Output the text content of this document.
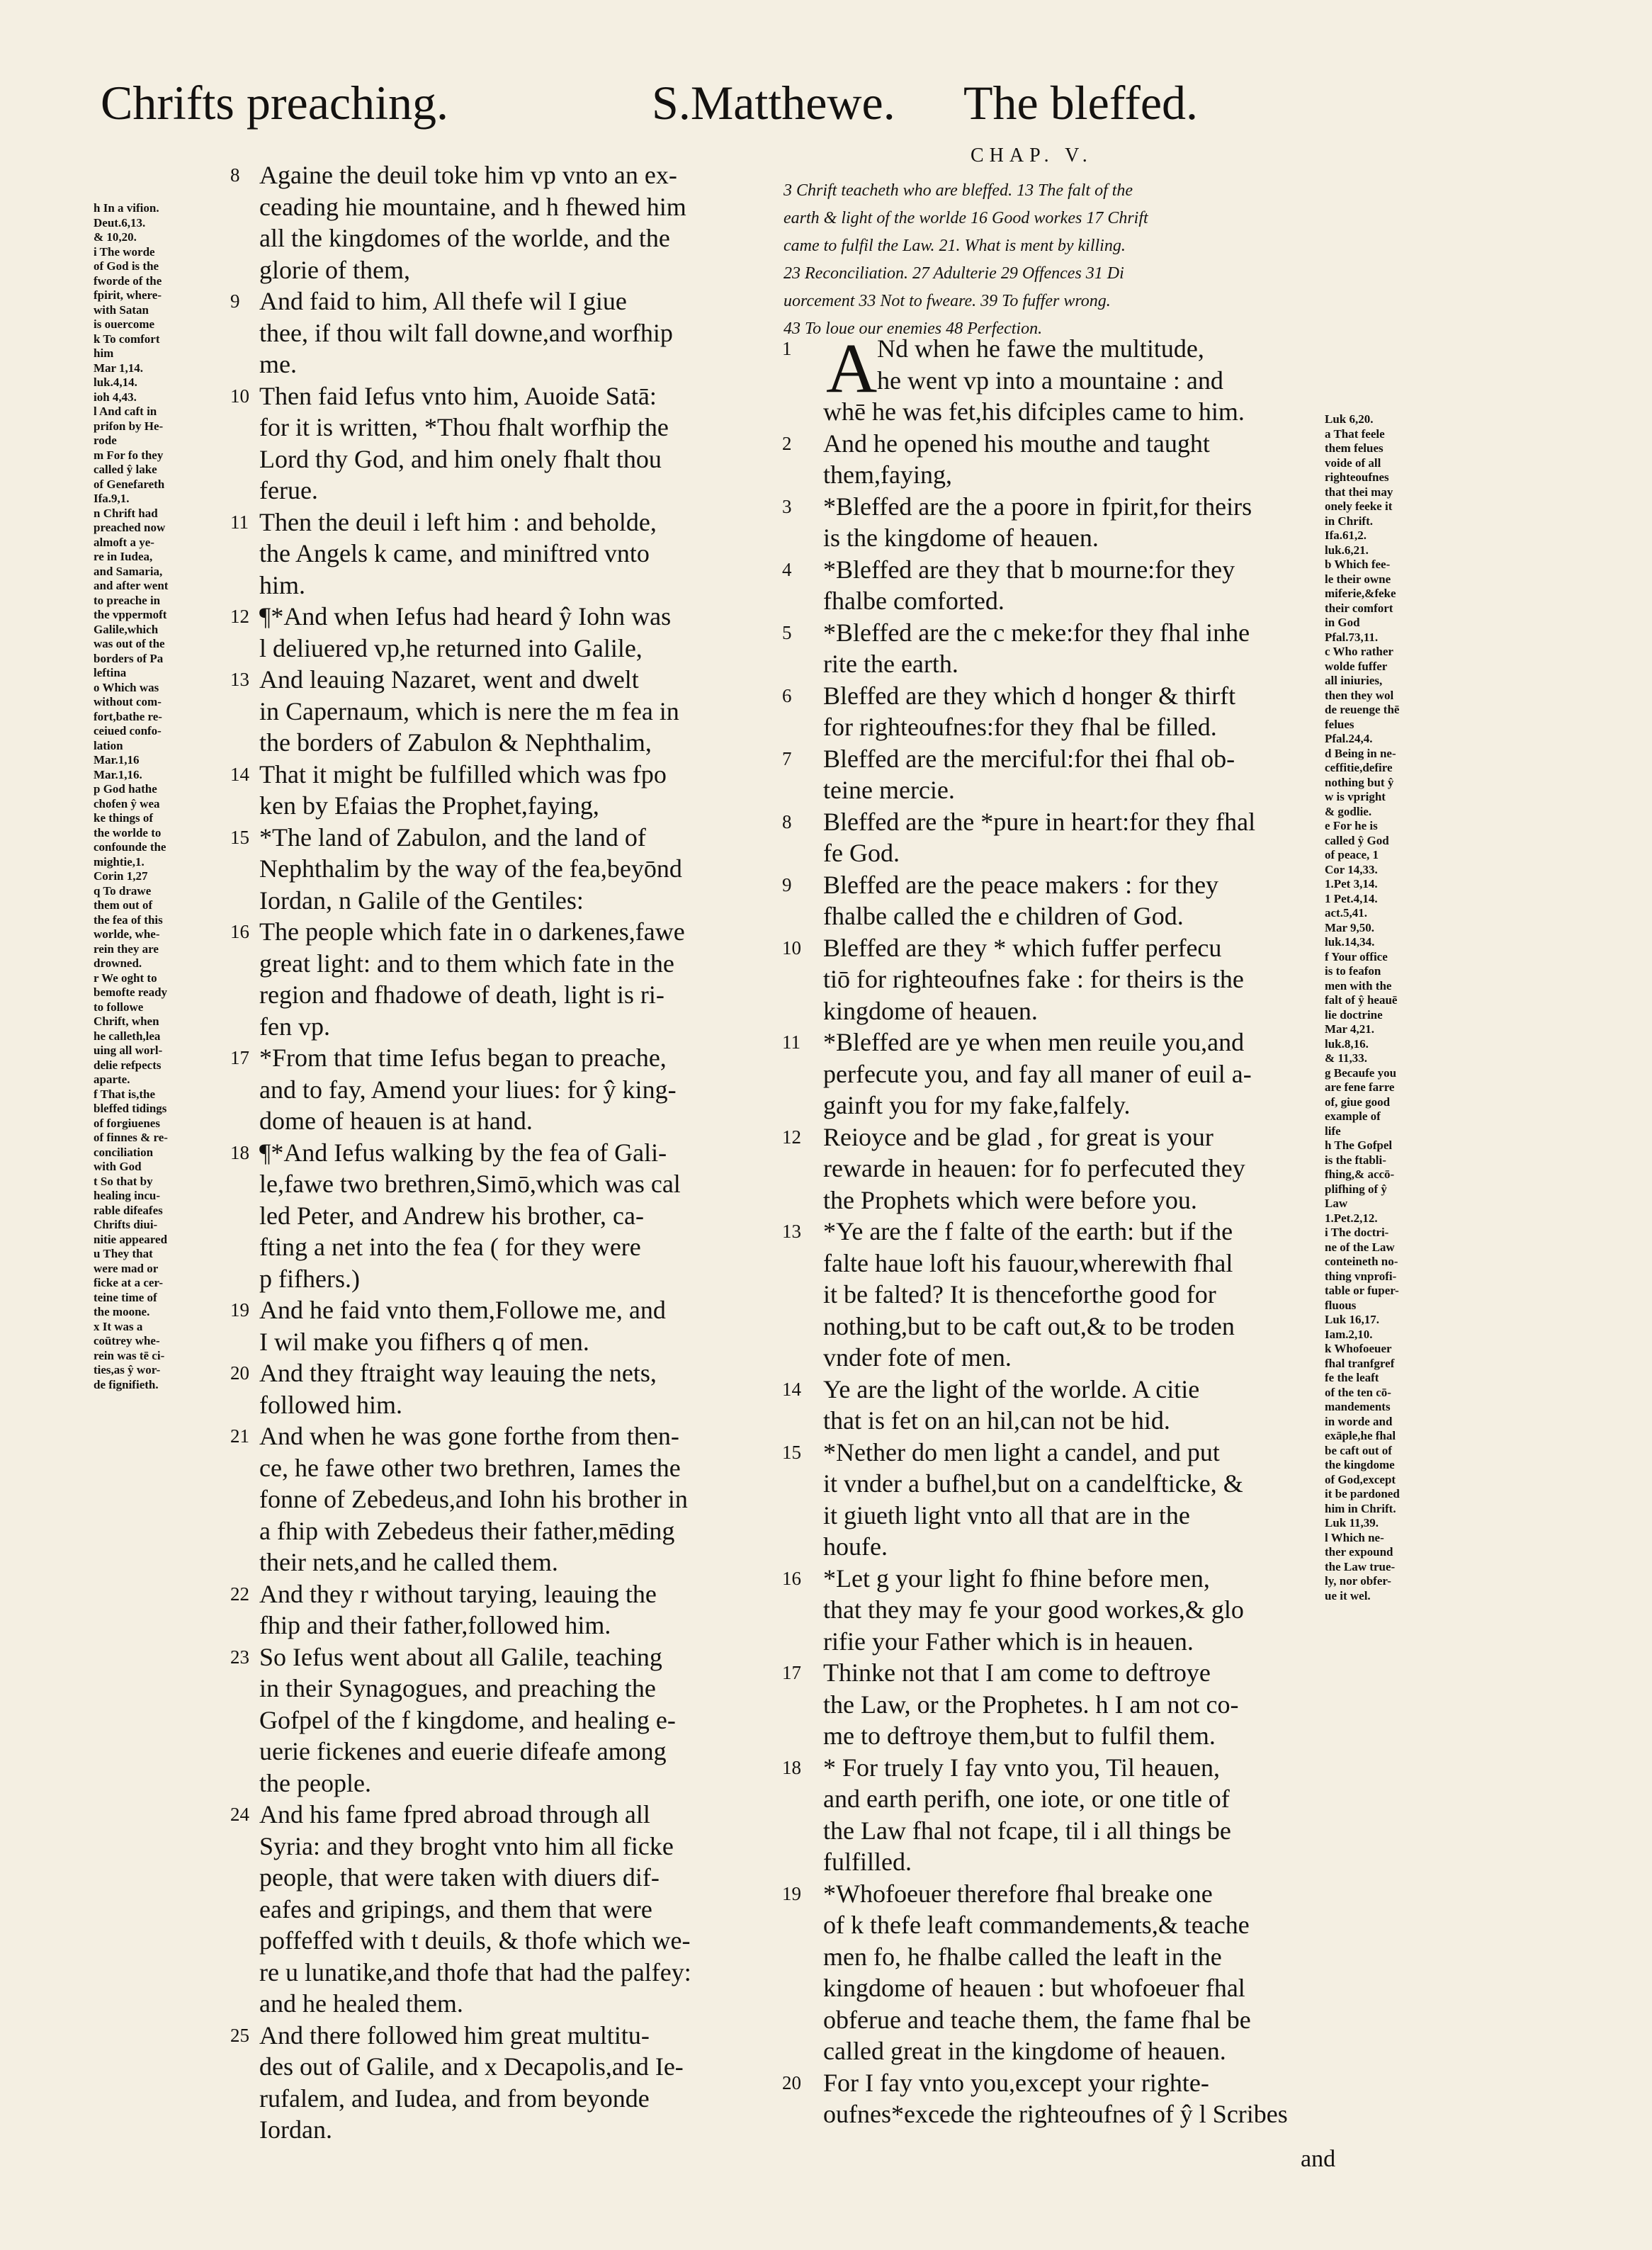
Chrifts preaching.	S.Matthewe. The bleffed.
CHAP. V.
3 Chrift teacheth who are bleffed. 13 The falt of the
earth & light of the worlde 16 Good workes 17 Chrift
came to fulfil the Law. 21. What is ment by killing.
23 Reconciliation. 27 Adulterie 29 Offences 31 Di
uorcement 33 Not to fweare. 39 To fuffer wrong.
43 To loue our enemies 48 Perfection.
A
8
9
10
11
12
13
14
15
16
17
18
19
20
21
22
23
24
25
1
2
3
4
5
6
7
8
9
10
11
12
13
14
15
16
17
18
19
20
Againe the deuil toke him vp vnto an ex-
ceading hie mountaine, and h fhewed him
all the kingdomes of the worlde, and the
glorie of them,
And faid to him, All thefe wil I giue
thee, if thou wilt fall downe,and worfhip
me.
Then faid Iefus vnto him, Auoide Satā:
for it is written, *Thou fhalt worfhip the
Lord thy God, and him onely fhalt thou
ferue.
Then the deuil i left him : and beholde,
the Angels k came, and miniftred vnto
him.
¶*And when Iefus had heard ŷ Iohn was
l deliuered vp,he returned into Galile,
And leauing Nazaret, went and dwelt
in Capernaum, which is nere the m fea in
the borders of Zabulon & Nephthalim,
That it might be fulfilled which was fpo
ken by Efaias the Prophet,faying,
*The land of Zabulon, and the land of
Nephthalim by the way of the fea,beyōnd
Iordan, n Galile of the Gentiles:
The people which fate in o darkenes,fawe
great light: and to them which fate in the
region and fhadowe of death, light is ri-
fen vp.
*From that time Iefus began to preache,
and to fay, Amend your liues: for ŷ king-
dome of heauen is at hand.
¶*And Iefus walking by the fea of Gali-
le,fawe two brethren,Simō,which was cal
led Peter, and Andrew his brother, ca-
fting a net into the fea ( for they were
p fifhers.)
And he faid vnto them,Followe me, and
I wil make you fifhers q of men.
And they ftraight way leauing the nets,
followed him.
And when he was gone forthe from then-
ce, he fawe other two brethren, Iames the
fonne of Zebedeus,and Iohn his brother in
a fhip with Zebedeus their father,mēding
their nets,and he called them.
And they r without tarying, leauing the
fhip and their father,followed him.
So Iefus went about all Galile, teaching
in their Synagogues, and preaching the
Gofpel of the f kingdome, and healing e-
uerie fickenes and euerie difeafe among
the people.
And his fame fpred abroad through all
Syria: and they broght vnto him all ficke
people, that were taken with diuers dif-
eafes and gripings, and them that were
poffeffed with t deuils, & thofe which we-
re u lunatike,and thofe that had the palfey:
and he healed them.
And there followed him great multitu-
des out of Galile, and x Decapolis,and Ie-
rufalem, and Iudea, and from beyonde
Iordan.
Nd when he fawe the multitude,
he went vp into a mountaine : and
whē he was fet,his difciples came to him.
And he opened his mouthe and taught
them,faying,
*Bleffed are the a poore in fpirit,for theirs
is the kingdome of heauen.
*Bleffed are they that b mourne:for they
fhalbe comforted.
*Bleffed are the c meke:for they fhal inhe
rite the earth.
Bleffed are they which d honger & thirft
for righteoufnes:for they fhal be filled.
Bleffed are the merciful:for thei fhal ob-
teine mercie.
Bleffed are the *pure in heart:for they fhal
fe God.
Bleffed are the peace makers : for they
fhalbe called the e children of God.
Bleffed are they * which fuffer perfecu
tiō for righteoufnes fake : for theirs is the
kingdome of heauen.
*Bleffed are ye when men reuile you,and
perfecute you, and fay all maner of euil a-
gainft you for my fake,falfely.
Reioyce and be glad , for great is your
rewarde in heauen: for fo perfecuted they
the Prophets which were before you.
*Ye are the f falte of the earth: but if the
falte haue loft his fauour,wherewith fhal
it be falted? It is thenceforthe good for
nothing,but to be caft out,& to be troden
vnder fote of men.
Ye are the light of the worlde. A citie
that is fet on an hil,can not be hid.
*Nether do men light a candel, and put
it vnder a bufhel,but on a candelfticke, &
it giueth light vnto all that are in the
houfe.
*Let g your light fo fhine before men,
that they may fe your good workes,& glo
rifie your Father which is in heauen.
Thinke not that I am come to deftroye
the Law, or the Prophetes. h I am not co-
me to deftroye them,but to fulfil them.
* For truely I fay vnto you, Til heauen,
and earth perifh, one iote, or one title of
the Law fhal not fcape, til i all things be
fulfilled.
*Whofoeuer therefore fhal breake one
of k thefe leaft commandements,& teache
men fo, he fhalbe called the leaft in the
kingdome of heauen : but whofoeuer fhal
obferue and teache them, the fame fhal be
called great in the kingdome of heauen.
For I fay vnto you,except your righte-
oufnes*excede the righteoufnes of ŷ l Scribes
h In a vifion.
Deut.6,13.
& 10,20.
i The worde
of God is the
fworde of the
fpirit, where-
with Satan
is ouercome
k To comfort
him
Mar 1,14.
luk.4,14.
ioh 4,43.
l And caft in
prifon by He-
rode
m For fo they
called ŷ lake
of Genefareth
Ifa.9,1.
n Chrift had
preached now
almoft a ye-
re in Iudea,
and Samaria,
and after went
to preache in
the vppermoft
Galile,which
was out of the
borders of Pa
leftina
o Which was
without com-
fort,bathe re-
ceiued confo-
lation
Mar.1,16
Mar.1,16.
p God hathe
chofen ŷ wea
ke things of
the worlde to
confounde the
mightie,1.
Corin 1,27
q To drawe
them out of
the fea of this
worlde, whe-
rein they are
drowned.
r We oght to
bemofte ready
to followe
Chrift, when
he calleth,lea
uing all worl-
delie refpects
aparte.
f That is,the
bleffed tidings
of forgiuenes
of finnes & re-
conciliation
with God
t So that by
healing incu-
rable difeafes
Chrifts diui-
nitie appeared
u They that
were mad or
ficke at a cer-
teine time of
the moone.
x It was a
coūtrey whe-
rein was tē ci-
ties,as ŷ wor-
de fignifieth.
Luk 6,20.
a That feele
them felues
voide of all
righteoufnes
that thei may
onely feeke it
in Chrift.
Ifa.61,2.
luk.6,21.
b Which fee-
le their owne
miferie,&feke
their comfort
in God
Pfal.73,11.
c Who rather
wolde fuffer
all iniuries,
then they wol
de reuenge thē
felues
Pfal.24,4.
d Being in ne-
ceffitie,defire
nothing but ŷ
w is vpright
& godlie.
e For he is
called ŷ God
of peace, 1
Cor 14,33.
1.Pet 3,14.
1 Pet.4,14.
act.5,41.
Mar 9,50.
luk.14,34.
f Your office
is to feafon
men with the
falt of ŷ heauē
lie doctrine
Mar 4,21.
luk.8,16.
& 11,33.
g Becaufe you
are fene farre
of, giue good
example of
life
h The Gofpel
is the ftabli-
fhing,& accō-
plifhing of ŷ
Law
1.Pet.2,12.
i The doctri-
ne of the Law
conteineth no-
thing vnprofi-
table or fuper-
fluous
Luk 16,17.
Iam.2,10.
k Whofoeuer
fhal tranfgref
fe the leaft
of the ten cō-
mandements
in worde and
exāple,he fhal
be caft out of
the kingdome
of God,except
it be pardoned
him in Chrift.
Luk 11,39.
l Which ne-
ther expound
the Law true-
ly, nor obfer-
ue it wel.
and
